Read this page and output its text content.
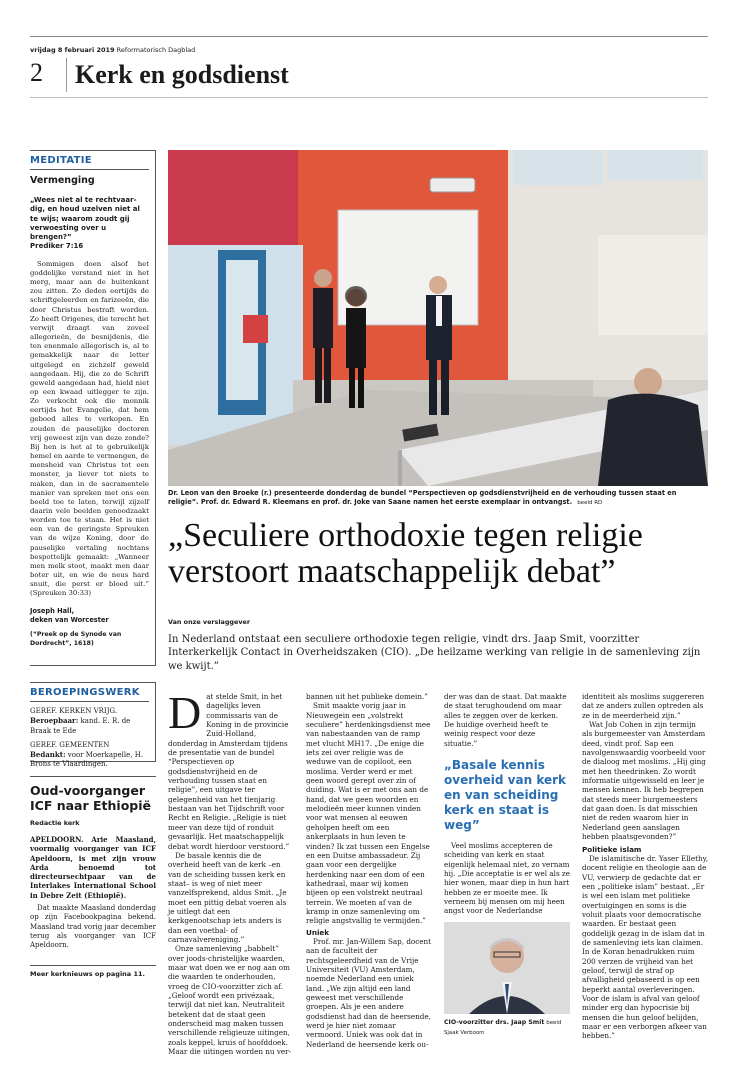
vrijdag 8 februari 2019 Reformatorisch Dagblad
2	Kerk en godsdienst
MEDITATIE
Vermenging
„Wees niet al te rechtvaar-dig, en houd uzelven niet al te wijs; waarom zoudt gij verwoesting over u brengen?”
Prediker 7:16

Sommigen doen alsof het goddelijke verstand niet in het merg, maar aan de buitenkant zou zitten. Zo deden eertijds de schriftgeleerden en farizeeën, die door Christus bestraft worden. Zo heeft Origenes, die terecht het verwijt draagt van zoveel allegorieën, de besnijdenis, die ten enenmale allegorisch is, al te gemakkelijk naar de letter uitgelegd en zichzelf geweld aangedaan. Hij, die zo de Schrift geweld aangedaan had, hield niet op een kwaad uitlegger te zijn. Zo verkocht ook die monnik eertijds het Evangelie, dat hem gebood alles te verkopen. En zouden de pauselijke doctoren vrij geweest zijn van deze zonde? Bij hen is het al te gebruikelijk hemel en aarde te vermengen, de mensheid van Christus tot een monster, ja liever tot niets te maken, dan in de sacramentele manier van spreken met ons een beeld toe te laten, terwijl zijzelf daarin vele beelden genoodzaakt worden toe te staan. Het is niet een van de geringste Spreuken van de wijze Koning, door de pauselijke vertaling nochtans bespottelijk gemaakt: „Wanneer men melk stoot, maakt men daar boter uit, en wie de neus hard snuit, die perst er bloed uit.” (Spreuken 30:33)

Joseph Hall,
deken van Worcester
(“Preek op de Synode van Dordrecht”, 1618)
BEROEPINGSWERK
GEREF. KERKEN VRIJG.
Beroepbaar: kand. E. R. de Braak te Ede
GEREF. GEMEENTEN
Bedankt: voor Moerkapelle, H. Brons te Vlaardingen.
Oud-voorganger ICF naar Ethiopië
Redactie kerk

APELDOORN. Arie Maasland, voormalig voorganger van ICF Apeldoorn, is met zijn vrouw Arda benoemd tot directeursechtpaar van de Interlakes International School in Debre Zeit (Ethiopië).

Dat maakte Maasland donderdag op zijn Facebookpagina bekend. Maasland trad vorig jaar december terug als voorganger van ICF Apeldoorn.

Meer kerknieuws op pagina 11.
Dr. Leon van den Broeke (r.) presenteerde donderdag de bundel “Perspectieven op godsdienstvrijheid en de verhouding tussen staat en religie”. Prof. dr. Edward R. Kleemans en prof. dr. Joke van Saane namen het eerste exemplaar in ontvangst. beeld RD
„Seculiere orthodoxie tegen religie verstoort maatschappelijk debat”
Van onze verslaggever
In Nederland ontstaat een seculiere orthodoxie tegen religie, vindt drs. Jaap Smit, voorzitter Interkerkelijk Contact in Overheidszaken (CIO). „De heilzame werking van religie in de samenleving zijn we kwijt.”

Dat stelde Smit, in het dagelijks leven commissaris van de Koning in de provincie Zuid-Holland, donderdag in Amsterdam tijdens de presentatie van de bundel “Perspectieven op godsdienstvrijheid en de verhouding tussen staat en religie”, een uitgave ter gelegenheid van het tienjarig bestaan van het Tijdschrift voor Recht en Religie. „Religie is niet meer van deze tijd of ronduit gevaarlijk. Het maatschappelijk debat wordt hierdoor verstoord.”

De basale kennis die de overheid heeft van de kerk –en van de scheiding tussen kerk en staat– is weg of niet meer vanzelfsprekend, aldus Smit. „Je moet een pittig debat voeren als je uitlegt dat een kerkgenootschap iets anders is dan een voetbal- of carnavalvereniging.”

Onze samenleving „babbelt” over joods-christelijke waarden, maar wat doen we er nog aan om die waarden te onderhouden, vroeg de CIO-voorzitter zich af. „Geloof wordt een privézaak, terwijl dat niet kan. Neutraliteit betekent dat de staat geen onderscheid mag maken tussen verschillende religieuze uitingen, zoals keppel, kruis of hoofddoek. Maar die uitingen worden nu ver-

bannen uit het publieke domein.”

Smit maakte vorig jaar in Nieuwegein een „volstrekt seculiere” herdenkingsdienst mee van nabestaanden van de ramp met vlucht MH17. „De enige die iets zei over religie was de weduwe van de copiloot, een moslima. Verder werd er met geen woord gerept over zin of duiding. Wat is er met ons aan de hand, dat we geen woorden en melodieën meer kunnen vinden voor wat mensen al eeuwen geholpen heeft om een ankerplaats in hun leven te vinden? Ik zat tussen een Engelse en een Duitse ambassadeur. Zij gaan voor een dergelijke herdenking naar een dom of een kathedraal, maar wij komen bijeen op een volstrekt neutraal terrein. We moeten af van de kramp in onze samenleving om religie angstvallig te vermijden.”

Uniek

Prof. mr. Jan-Willem Sap, docent aan de faculteit der rechtsgeleerdheid van de Vrije Universiteit (VU) Amsterdam, noemde Nederland een uniek land. „We zijn altijd een land geweest met verschillende groepen. Als je een andere godsdienst had dan de heersende, werd je hier niet zomaar vermoord. Uniek was ook dat in Nederland de heersende kerk ou-

der was dan de staat. Dat maakte de staat terughoudend om maar alles te zeggen over de kerken. De huidige overheid heeft te weinig respect voor deze situatie.”

„Basale kennis overheid van kerk en van scheiding kerk en staat is weg”

Veel moslims accepteren de scheiding van kerk en staat eigenlijk helemaal niet, zo vernam hij. „Die acceptatie is er wel als ze hier wonen, maar diep in hun hart hebben ze er moeite mee. Ik verneem bij mensen om mij heen angst voor de Nederlandse

CIO-voorzitter drs. Jaap Smit beeld Sjaak Verboom

identiteit als moslims suggereren dat ze anders zullen optreden als ze in de meerderheid zijn.”

Wat Job Cohen in zijn termijn als burgemeester van Amsterdam deed, vindt prof. Sap een navolgenswaardig voorbeeld voor de dialoog met moslims. „Hij ging met hen theedrinken. Zo wordt informatie uitgewisseld en leer je mensen kennen. Ik heb begrepen dat steeds meer burgemeesters dat gaan doen. Is dat misschien niet de reden waarom hier in Nederland geen aanslagen hebben plaatsgevonden?”

Politieke islam

De islamitische dr. Yaser Ellethy, docent religie en theologie aan de VU, verwierp de gedachte dat er een „politieke islam” bestaat. „Er is wel een islam met politieke overtuigingen en soms is die voluit plaats voor democratische waarden. Er bestaat geen goddelijk gezag in de islam dat in de samenleving iets kan claimen. In de Koran benadrukken ruim 200 verzen de vrijheid van het geloof, terwijl de straf op afvalligheid gebaseerd is op een beperkt aantal overleveringen. Voor de islam is afval van geloof minder erg dan hypocrisie bij mensen die hun geloof belijden, maar er een verborgen afkeer van hebben.”
